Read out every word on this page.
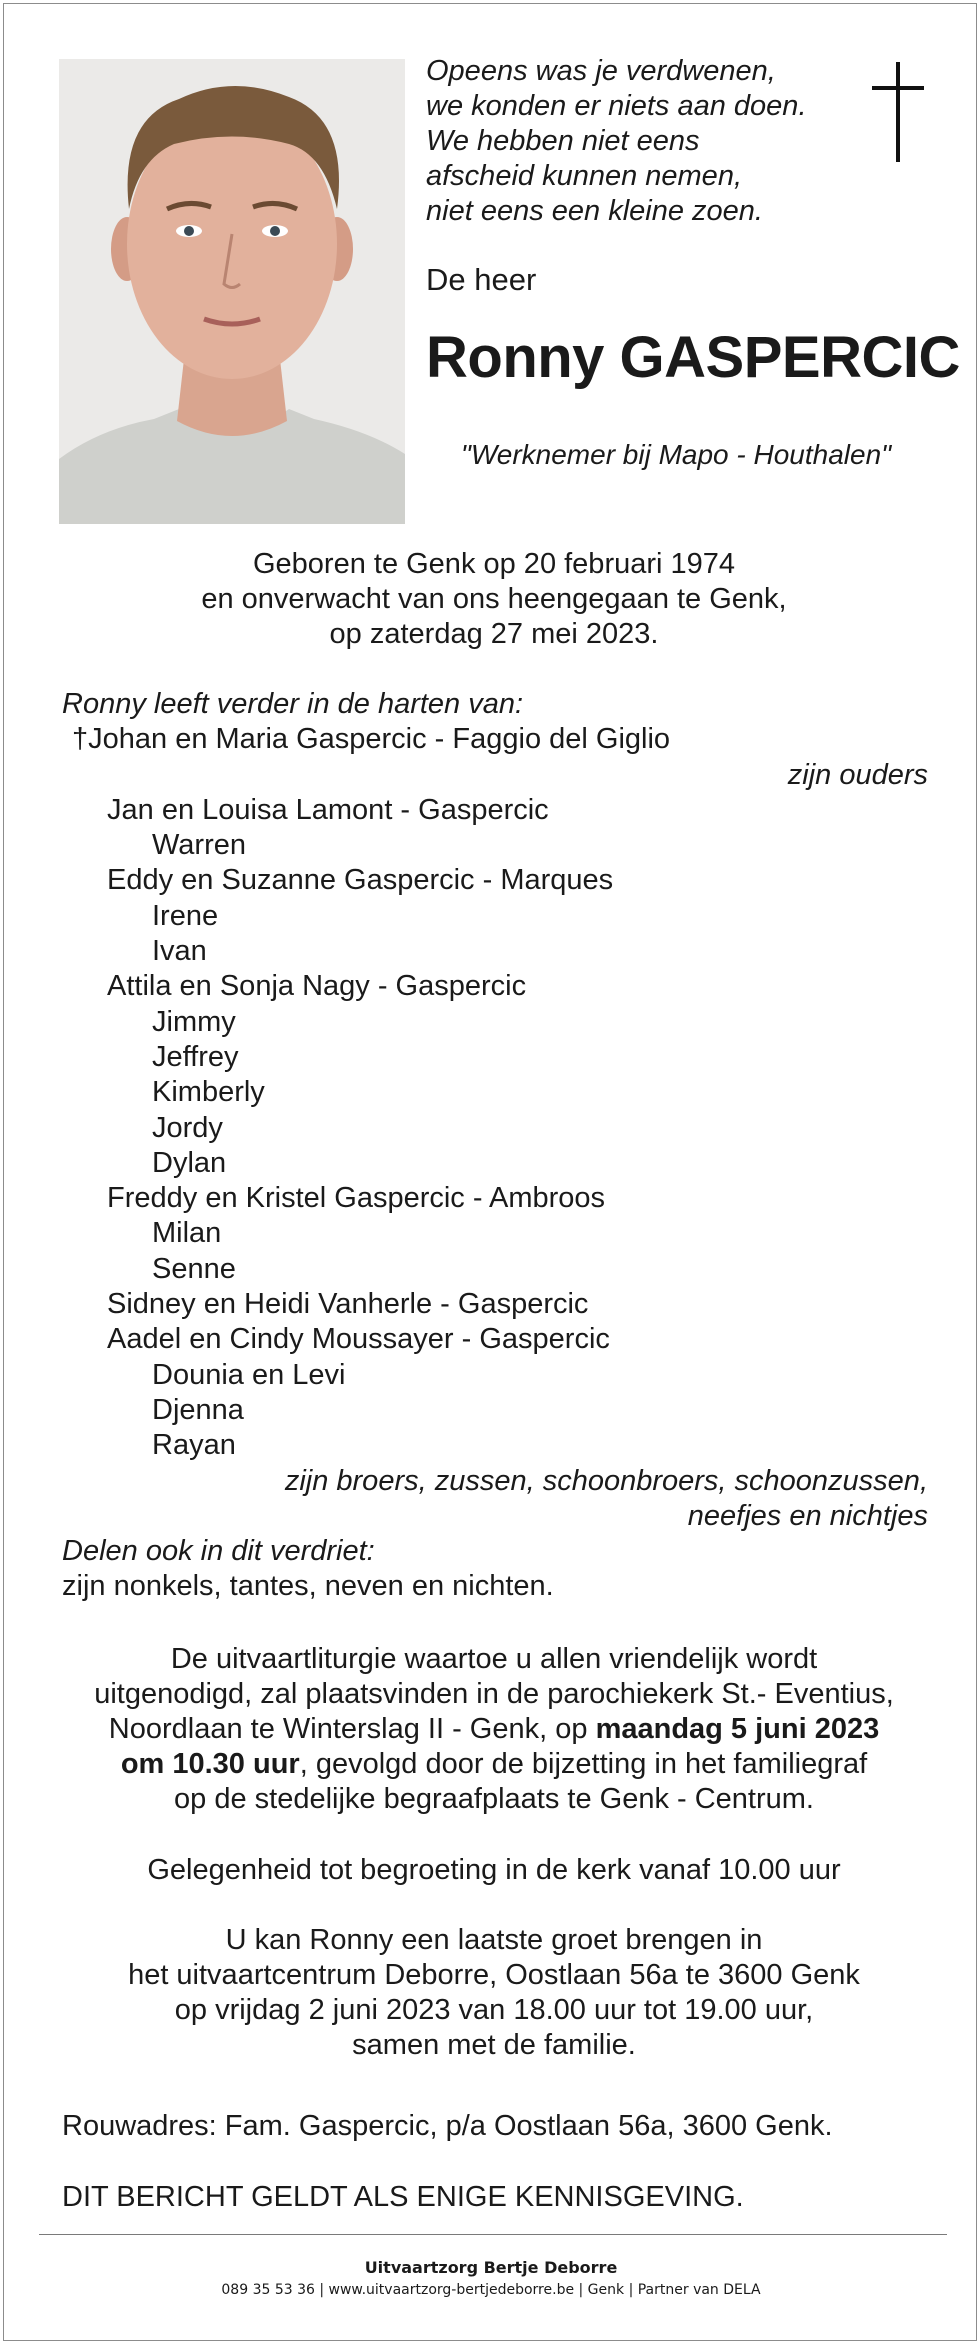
Opeens was je verdwenen,
we konden er niets aan doen.
We hebben niet eens
afscheid kunnen nemen,
niet eens een kleine zoen.
De heer
Ronny GASPERCIC
"Werknemer bij Mapo - Houthalen"
Geboren te Genk op 20 februari 1974
en onverwacht van ons heengegaan te Genk,
op zaterdag 27 mei 2023.
Ronny leeft verder in de harten van:
†Johan en Maria Gaspercic - Faggio del Giglio
zijn ouders
Jan en Louisa Lamont - Gaspercic
Warren
Eddy en Suzanne Gaspercic - Marques
Irene
Ivan
Attila en Sonja Nagy - Gaspercic
Jimmy
Jeffrey
Kimberly
Jordy
Dylan
Freddy en Kristel Gaspercic - Ambroos
Milan
Senne
Sidney en Heidi Vanherle - Gaspercic
Aadel en Cindy Moussayer - Gaspercic
Dounia en Levi
Djenna
Rayan
zijn broers, zussen, schoonbroers, schoonzussen,
neefjes en nichtjes
Delen ook in dit verdriet:
zijn nonkels, tantes, neven en nichten.
De uitvaartliturgie waartoe u allen vriendelijk wordt
uitgenodigd, zal plaatsvinden in de parochiekerk St.- Eventius,
Noordlaan te Winterslag II - Genk, op maandag 5 juni 2023
om 10.30 uur, gevolgd door de bijzetting in het familiegraf
op de stedelijke begraafplaats te Genk - Centrum.
Gelegenheid tot begroeting in de kerk vanaf 10.00 uur
U kan Ronny een laatste groet brengen in
het uitvaartcentrum Deborre, Oostlaan 56a te 3600 Genk
op vrijdag 2 juni 2023 van 18.00 uur tot 19.00 uur,
samen met de familie.
Rouwadres: Fam. Gaspercic, p/a Oostlaan 56a, 3600 Genk.
DIT BERICHT GELDT ALS ENIGE KENNISGEVING.
Uitvaartzorg Bertje Deborre
089 35 53 36 | www.uitvaartzorg-bertjedeborre.be | Genk | Partner van DELA
